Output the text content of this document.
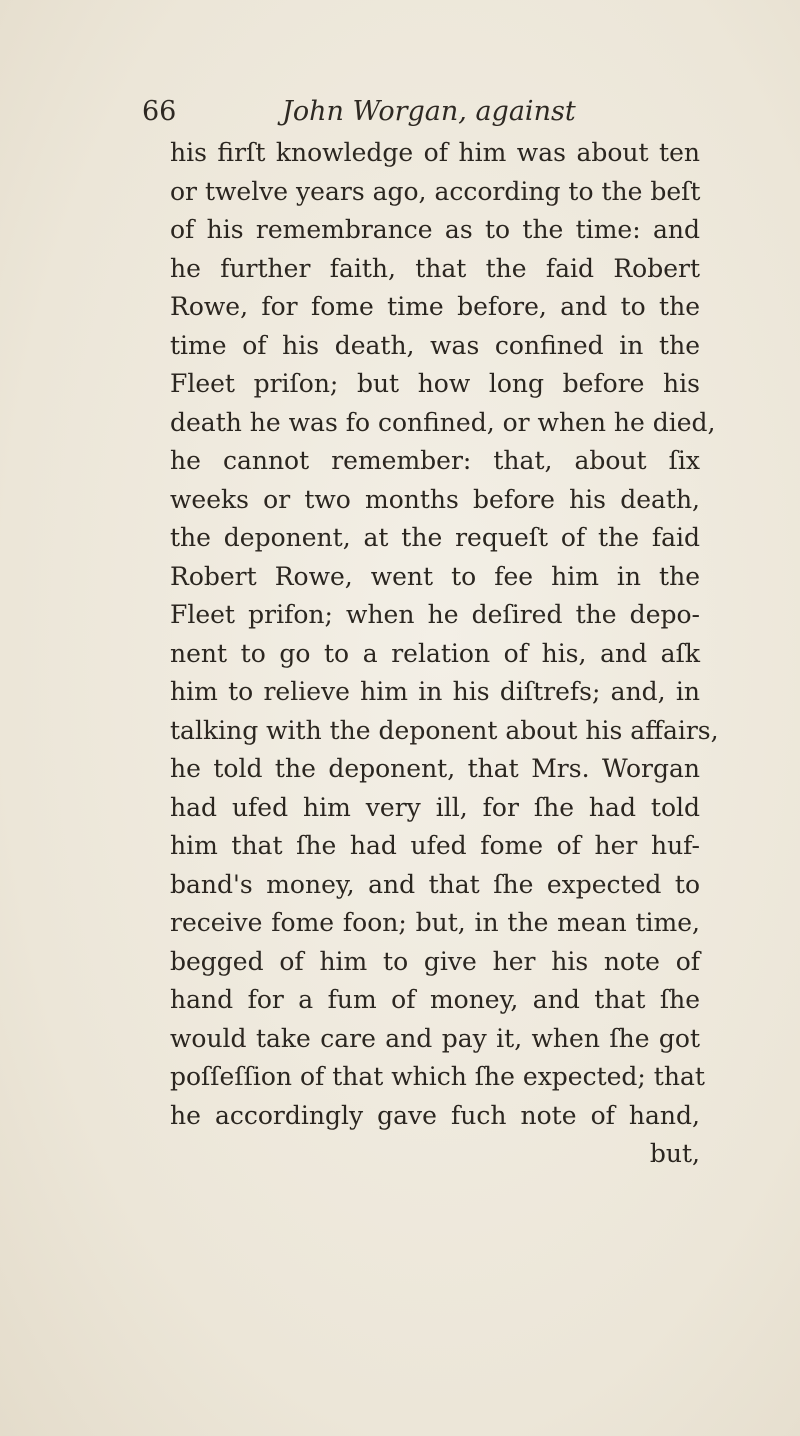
66	John Worgan, against
his firſt knowledge of him was about ten
or twelve years ago, according to the beſt
of his remembrance as to the time: and
he further faith, that the faid Robert
Rowe, for fome time before, and to the
time of his death, was confined in the
Fleet priſon; but how long before his
death he was fo confined, or when he died,
he cannot remember: that, about ſix
weeks or two months before his death,
the deponent, at the requeſt of the faid
Robert Rowe, went to fee him in the
Fleet prifon; when he deſired the depo-
nent to go to a relation of his, and aſk
him to relieve him in his diſtrefs; and, in
talking with the deponent about his affairs,
he told the deponent, that Mrs. Worgan
had ufed him very ill, for ſhe had told
him that ſhe had ufed fome of her huf-
band's money, and that ſhe expected to
receive fome foon; but, in the mean time,
begged of him to give her his note of
hand for a fum of money, and that ſhe
would take care and pay it, when ſhe got
poſſeſſion of that which ſhe expected; that
he accordingly gave fuch note of hand,
but,
